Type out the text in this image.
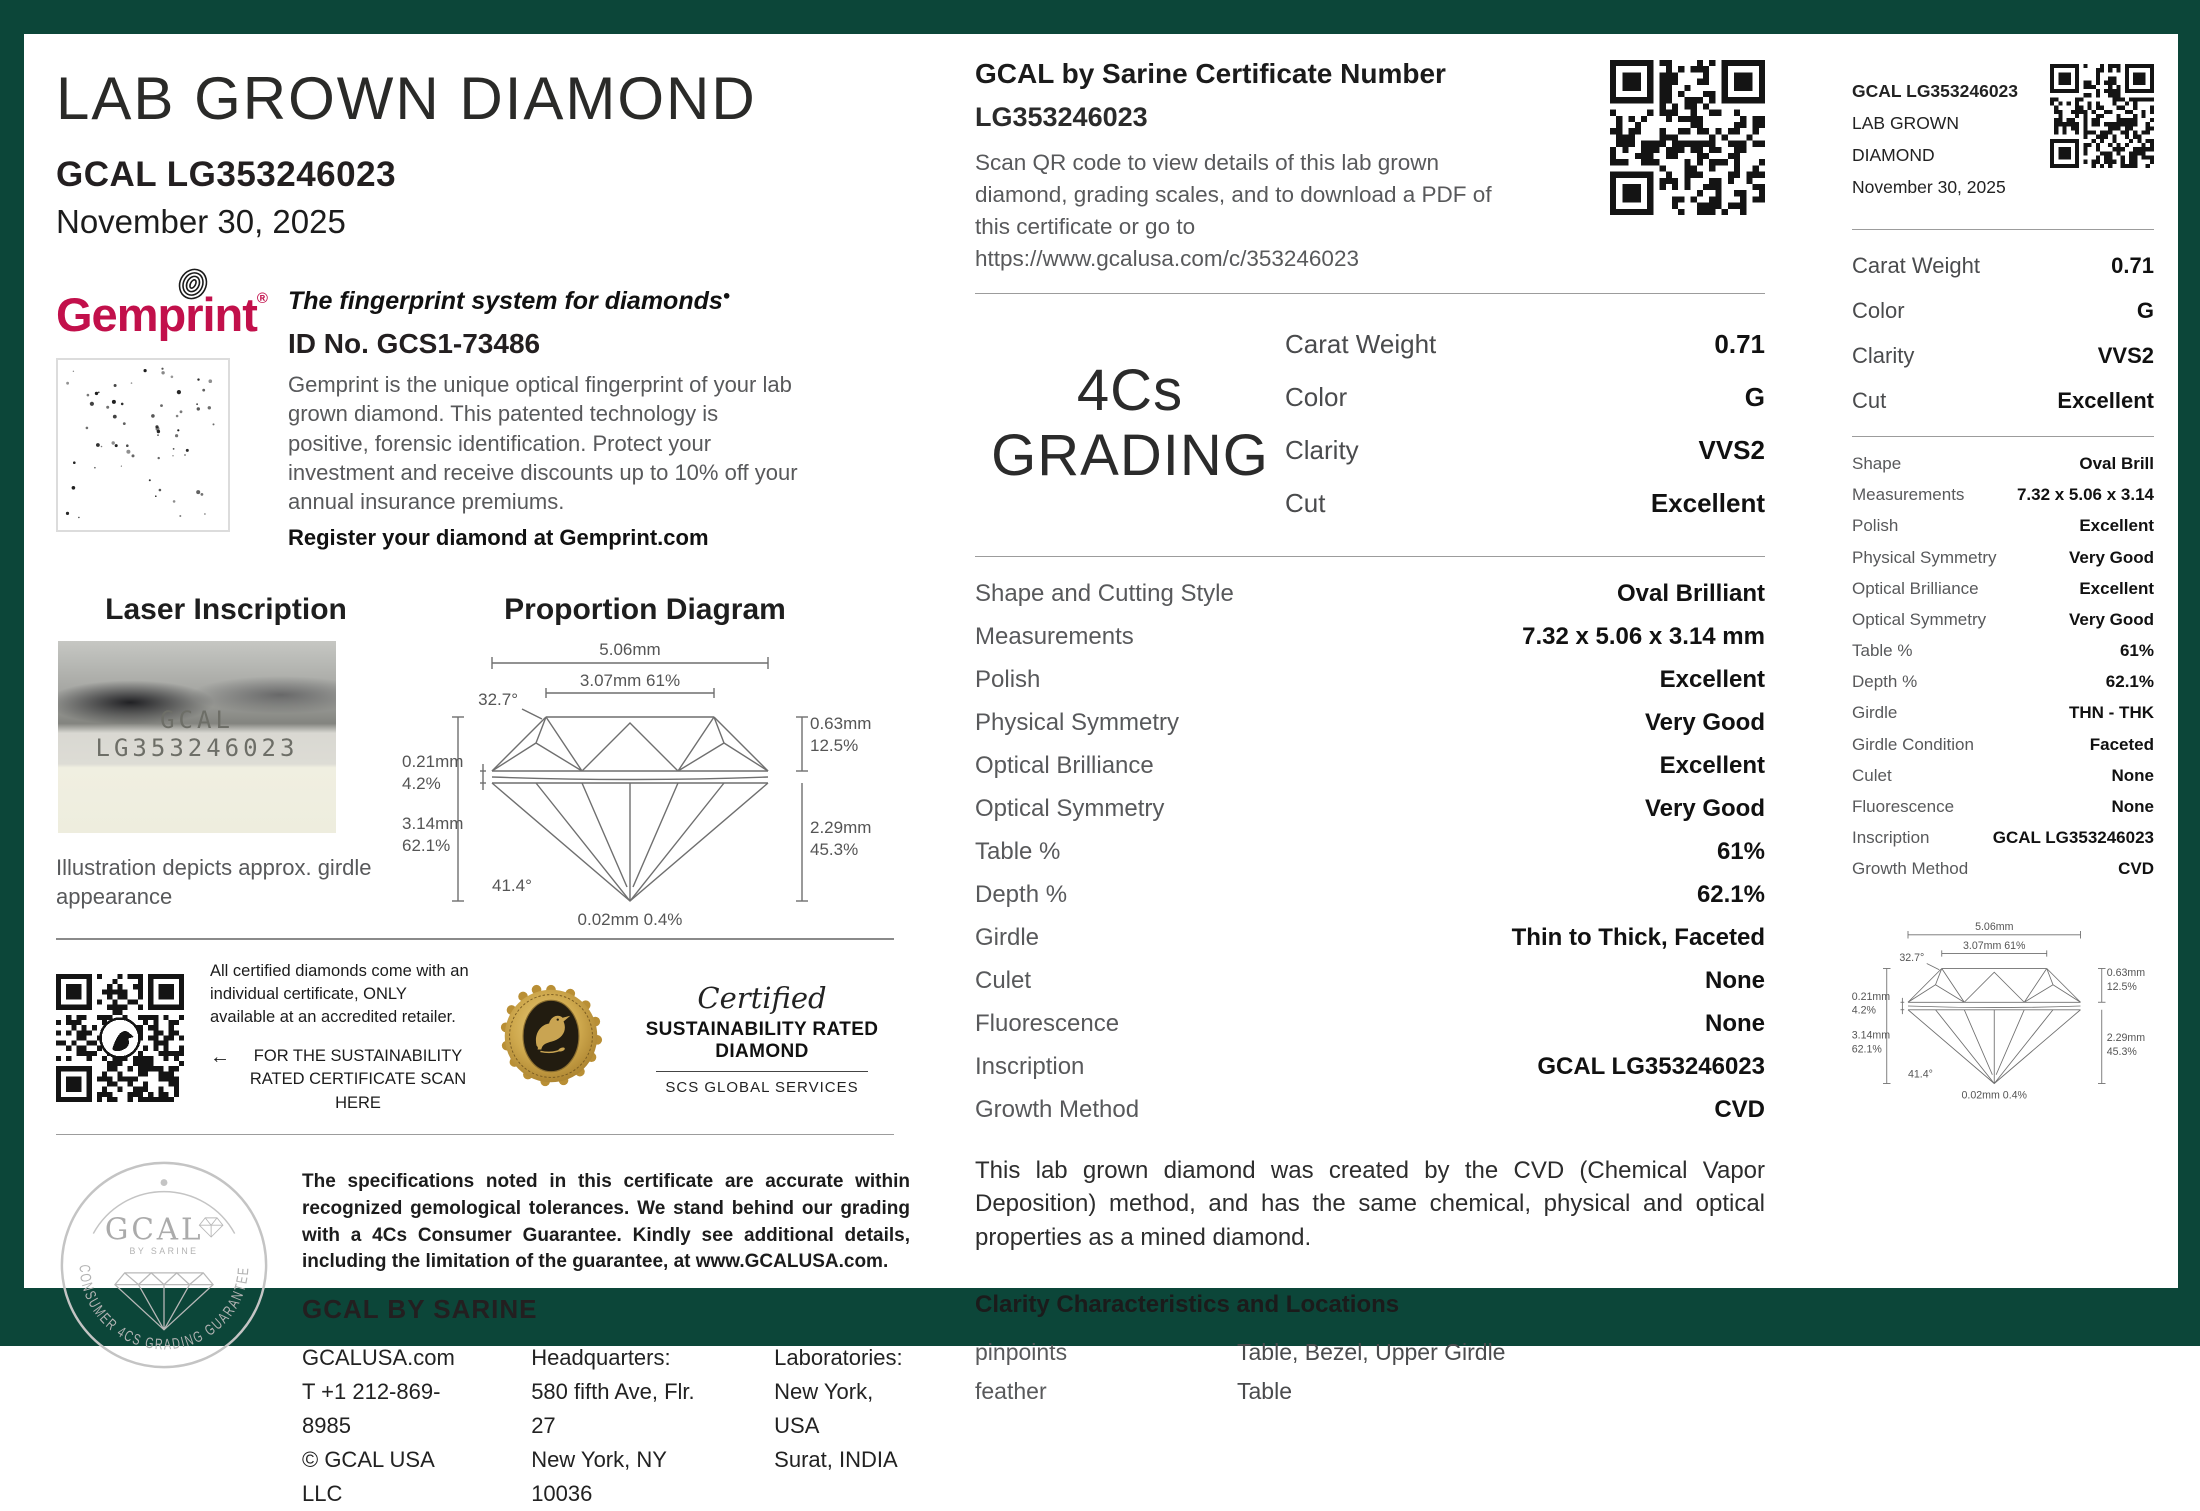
LAB GROWN DIAMOND
GCAL LG353246023
November 30, 2025
Gemprint® The fingerprint system for diamonds●
ID No. GCS1-73486
Gemprint is the unique optical fingerprint of your lab grown diamond. This patented technology is positive, forensic identification. Protect your investment and receive discounts up to 10% off your annual insurance premiums.
Register your diamond at Gemprint.com
Laser Inscription	Proportion Diagram
GCAL LG353246023
Illustration depicts approx. girdle appearance
5.06mm
3.07mm 61%
32.7°
0.21mm
4.2%
3.14mm
62.1%
41.4°
0.02mm 0.4%
0.63mm
12.5%
2.29mm
45.3%
All certified diamonds come with an individual certificate, ONLY available at an accredited retailer.
←	FOR THE SUSTAINABILITY
RATED CERTIFICATE SCAN HERE
Certified
SUSTAINABILITY RATED DIAMOND
SCS GLOBAL SERVICES
CONSUMER 4CS GRADING GUARANTEE
GCAL
BY SARINE
The specifications noted in this certificate are accurate within recognized gemological tolerances. We stand behind our grading with a 4Cs Consumer Guarantee. Kindly see additional details, including the limitation of the guarantee, at www.GCALUSA.com.
GCAL BY SARINE
GCALUSA.com
T +1 212-869-8985
© GCAL USA LLC
Headquarters:
580 fifth Ave, Flr. 27
New York, NY 10036
Laboratories:
New York, USA
Surat, INDIA
GCAL by Sarine Certificate Number
LG353246023
Scan QR code to view details of this lab grown diamond, grading scales, and to download a PDF of this certificate or go to https://www.gcalusa.com/c/353246023
4Cs
GRADING
Carat Weight	0.71
Color	G
Clarity	VVS2
Cut	Excellent
Shape and Cutting Style	Oval Brilliant
Measurements	7.32 x 5.06 x 3.14 mm
Polish	Excellent
Physical Symmetry	Very Good
Optical Brilliance	Excellent
Optical Symmetry	Very Good
Table %	61%
Depth %	62.1%
Girdle	Thin to Thick, Faceted
Culet	None
Fluorescence	None
Inscription	GCAL LG353246023
Growth Method	CVD
This lab grown diamond was created by the CVD (Chemical Vapor Deposition) method, and has the same chemical, physical and optical properties as a mined diamond.
Clarity Characteristics and Locations
pinpoints	Table, Bezel, Upper Girdle
feather	Table
GCAL LG353246023
LAB GROWN DIAMOND
November 30, 2025
Carat Weight	0.71
Color	G
Clarity	VVS2
Cut	Excellent
Shape	Oval Brill
Measurements	7.32 x 5.06 x 3.14
Polish	Excellent
Physical Symmetry	Very Good
Optical Brilliance	Excellent
Optical Symmetry	Very Good
Table %	61%
Depth %	62.1%
Girdle	THN - THK
Girdle Condition	Faceted
Culet	None
Fluorescence	None
Inscription	GCAL LG353246023
Growth Method	CVD
5.06mm
3.07mm 61%
32.7°
0.21mm
4.2%
3.14mm
62.1%
41.4°
0.02mm 0.4%
0.63mm
12.5%
2.29mm
45.3%
